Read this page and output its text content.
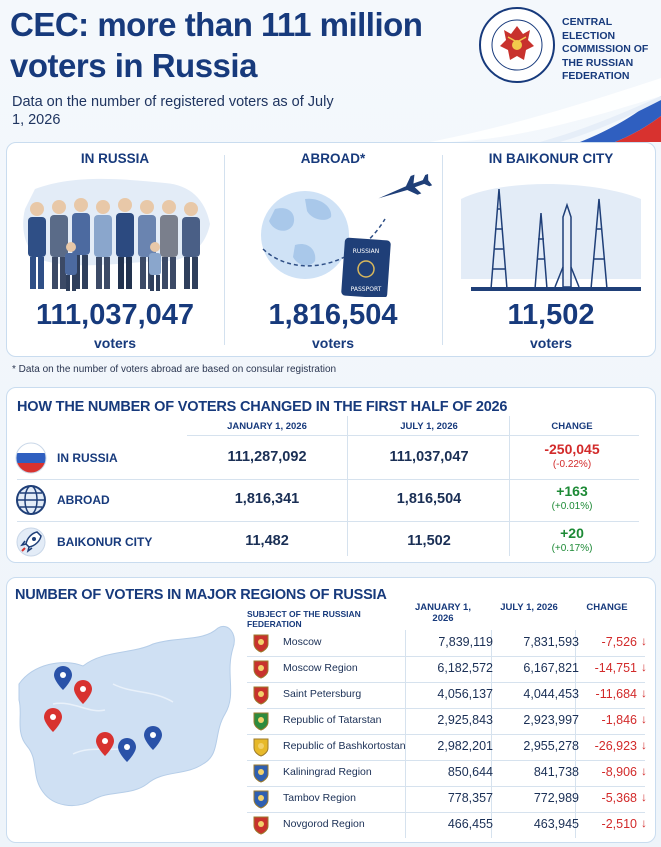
CEC: more than 111 million voters in Russia
Data on the number of registered voters as of July 1, 2026
CENTRAL ELECTION COMMISSION OF THE RUSSIAN FEDERATION
IN RUSSIA
111,037,047
voters
ABROAD*
RUSSIAN
PASSPORT
1,816,504
voters
IN BAIKONUR CITY
11,502
voters
* Data on the number of voters abroad are based on consular registration
HOW THE NUMBER OF VOTERS CHANGED IN THE FIRST HALF OF 2026
JANUARY 1, 2026	JULY 1, 2026	CHANGE
IN RUSSIA	111,287,092	111,037,047	-250,045
(-0.22%)
ABROAD	1,816,341	1,816,504	+163
(+0.01%)
BAIKONUR CITY	11,482	11,502	+20
(+0.17%)
NUMBER OF VOTERS IN MAJOR REGIONS OF RUSSIA
SUBJECT OF THE RUSSIAN FEDERATION
JANUARY 1, 2026
JULY 1, 2026	CHANGE
Moscow	7,839,119	7,831,593	-7,526 ↓
Moscow Region	6,182,572	6,167,821	-14,751 ↓
Saint Petersburg	4,056,137	4,044,453	-11,684 ↓
Republic of Tatarstan	2,925,843	2,923,997	-1,846 ↓
Republic of Bashkortostan	2,982,201	2,955,278	-26,923 ↓
Kaliningrad Region	850,644	841,738	-8,906 ↓
Tambov Region	778,357	772,989	-5,368 ↓
Novgorod Region	466,455	463,945	-2,510 ↓
